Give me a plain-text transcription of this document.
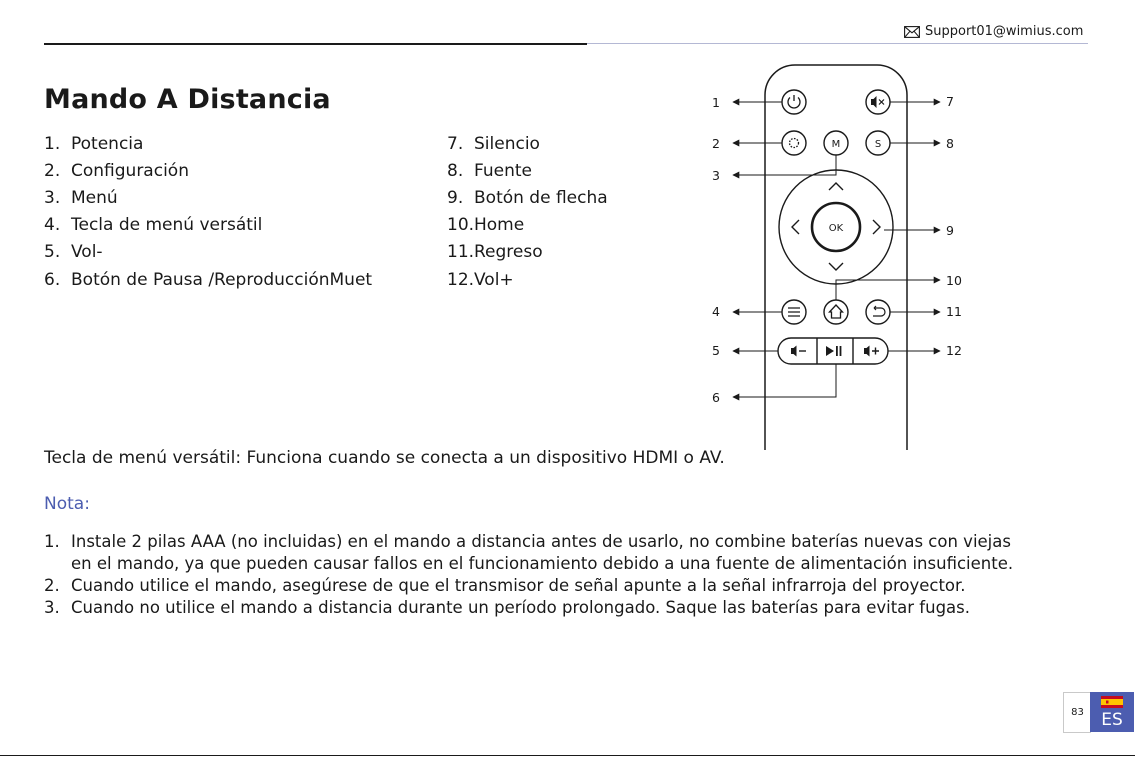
Support01@wimius.com
Mando A Distancia
1. Potencia
2. Configuración
3. Menú
4. Tecla de menú versátil
5. Vol-
6. Botón de Pausa /ReproducciónMuet
7. Silencio
8. Fuente
9. Botón de flecha
10. Home
11. Regreso
12. Vol+
M	S
OK
1
2
3
4
5
6
7
8
9
10
11
12
Tecla de menú versátil: Funciona cuando se conecta a un dispositivo HDMI o AV.
Nota:
1. Instale 2 pilas AAA (no incluidas) en el mando a distancia antes de usarlo, no combine baterías nuevas con viejas
en el mando, ya que pueden causar fallos en el funcionamiento debido a una fuente de alimentación insuficiente.
2. Cuando utilice el mando, asegúrese de que el transmisor de señal apunte a la señal infrarroja del proyector.
3. Cuando no utilice el mando a distancia durante un período prolongado. Saque las baterías para evitar fugas.
83	ES
